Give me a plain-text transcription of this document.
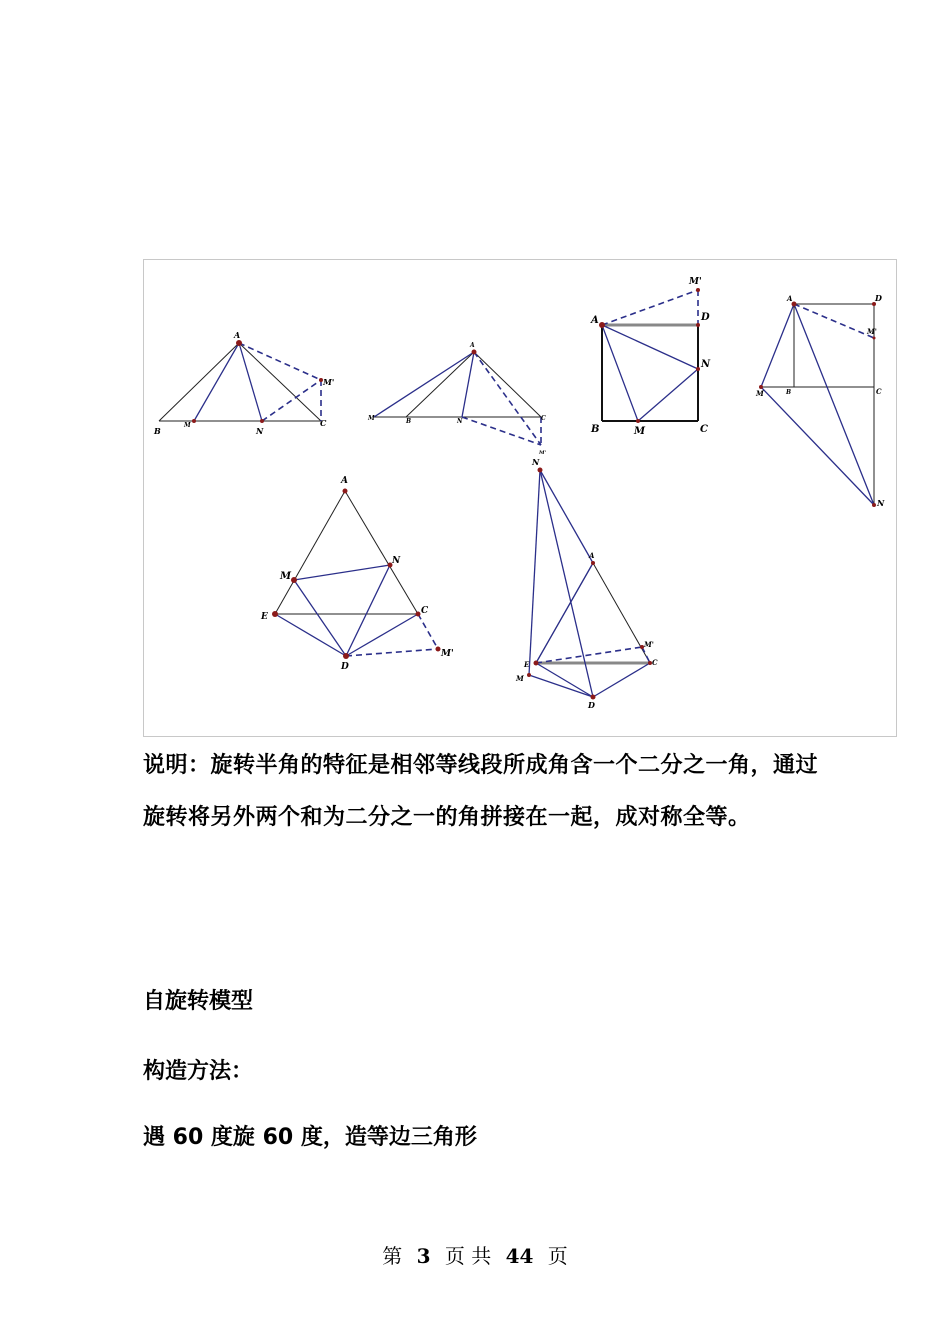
A
B
M
N
C
M'
A
M	B	N	C
M'
A	D
M'
N
B	M	C
A	D
M'
M	B	C
N
A
M
N
E
C
D
M'
N
A
M'
E	C
M
D
说明：旋转半角的特征是相邻等线段所成角含一个二分之一角，通过旋转将另外两个和为二分之一的角拼接在一起，成对称全等。
自旋转模型
构造方法：
遇 60 度旋 60 度，造等边三角形
第 3 页 共 44 页
